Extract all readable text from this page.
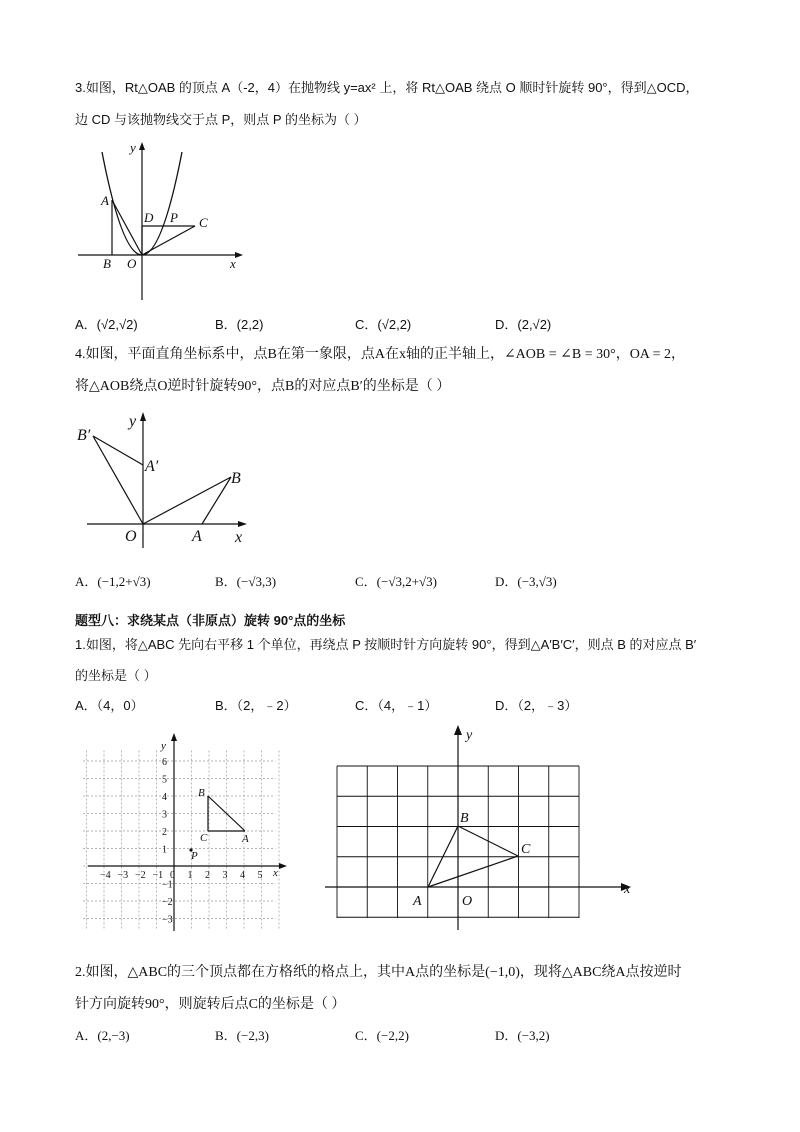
3.如图，Rt△OAB 的顶点 A（-2，4）在抛物线 y=ax² 上，将 Rt△OAB 绕点 O 顺时针旋转 90°，得到△OCD，
边 CD 与该抛物线交于点 P，则点 P 的坐标为（ ）
y
x
A
B O
D P C
A．(√2,√2)	B．(2,2)	C．(√2,2)	D．(2,√2)
4.如图，平面直角坐标系中，点B在第一象限，点A在x轴的正半轴上，∠AOB = ∠B = 30°，OA = 2，
将△AOB绕点O逆时针旋转90°，点B的对应点B′的坐标是（ ）
y
x
B′
A′
B
O	A
A．(−1,2+√3)	B．(−√3,3)	C．(−√3,2+√3)	D．(−3,√3)
题型八：求绕某点（非原点）旋转 90°点的坐标
1.如图，将△ABC 先向右平移 1 个单位，再绕点 P 按顺时针方向旋转 90°，得到△A′B′C′，则点 B 的对应点 B′
的坐标是（ ）
A．（4，0）	B．（2，﹣2）	C．（4，﹣1）	D．（2，﹣3）
−4 −3 −2 −1 0 1 2 3 4 5
6
5
4
3
2
1
−1
−2
−3
y
x
B
C	A
P
y
x
A	O
B
C
2.如图，△ABC的三个顶点都在方格纸的格点上，其中A点的坐标是(−1,0)，现将△ABC绕A点按逆时
针方向旋转90°，则旋转后点C的坐标是（ ）
A．(2,−3)	B．(−2,3)	C．(−2,2)	D．(−3,2)
